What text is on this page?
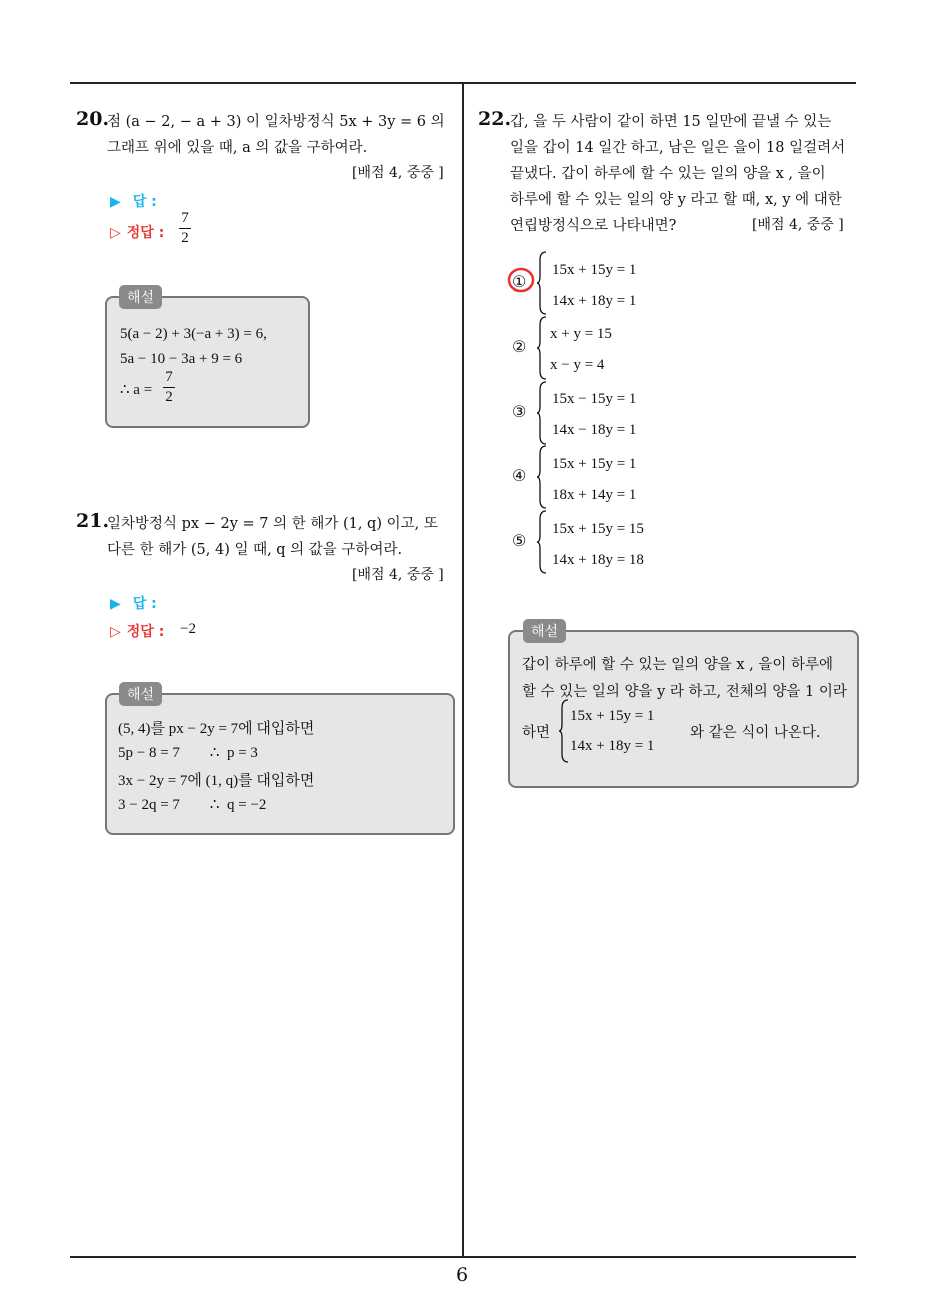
20.
점 (a − 2, − a + 3) 이 일차방정식 5x + 3y = 6 의
그래프 위에 있을 때, a 의 값을 구하여라.
[배점 4, 중중 ]
▶ 답 :
▷ 정답 :
7
2
해설
5(a − 2) + 3(−a + 3) = 6,
5a − 10 − 3a + 9 = 6
∴ a =
7
2
21.
일차방정식 px − 2y = 7 의 한 해가 (1, q) 이고, 또
다른 한 해가 (5, 4) 일 때, q 의 값을 구하여라.
[배점 4, 중중 ]
▶ 답 :
▷ 정답 : −2
해설
(5, 4)를 px − 2y = 7에 대입하면
5p − 8 = 7        ∴  p = 3
3x − 2y = 7에 (1, q)를 대입하면
3 − 2q = 7        ∴  q = −2
22.
갑, 을 두 사람이 같이 하면 15 일만에 끝낼 수 있는
일을 갑이 14 일간 하고, 남은 일은 을이 18 일걸려서
끝냈다. 갑이 하루에 할 수 있는 일의 양을 x , 을이
하루에 할 수 있는 일의 양 y 라고 할 때, x, y 에 대한
연립방정식으로 나타내면?	[배점 4, 중중 ]
①
15x + 15y = 1
14x + 18y = 1
②
x + y = 15
x − y = 4
③
15x − 15y = 1
14x − 18y = 1
④
15x + 15y = 1
18x + 14y = 1
⑤
15x + 15y = 15
14x + 18y = 18
해설
갑이 하루에 할 수 있는 일의 양을 x , 을이 하루에
할 수 있는 일의 양을 y 라 하고, 전체의 양을 1 이라
하면
15x + 15y = 1
14x + 18y = 1
와 같은 식이 나온다.
6
